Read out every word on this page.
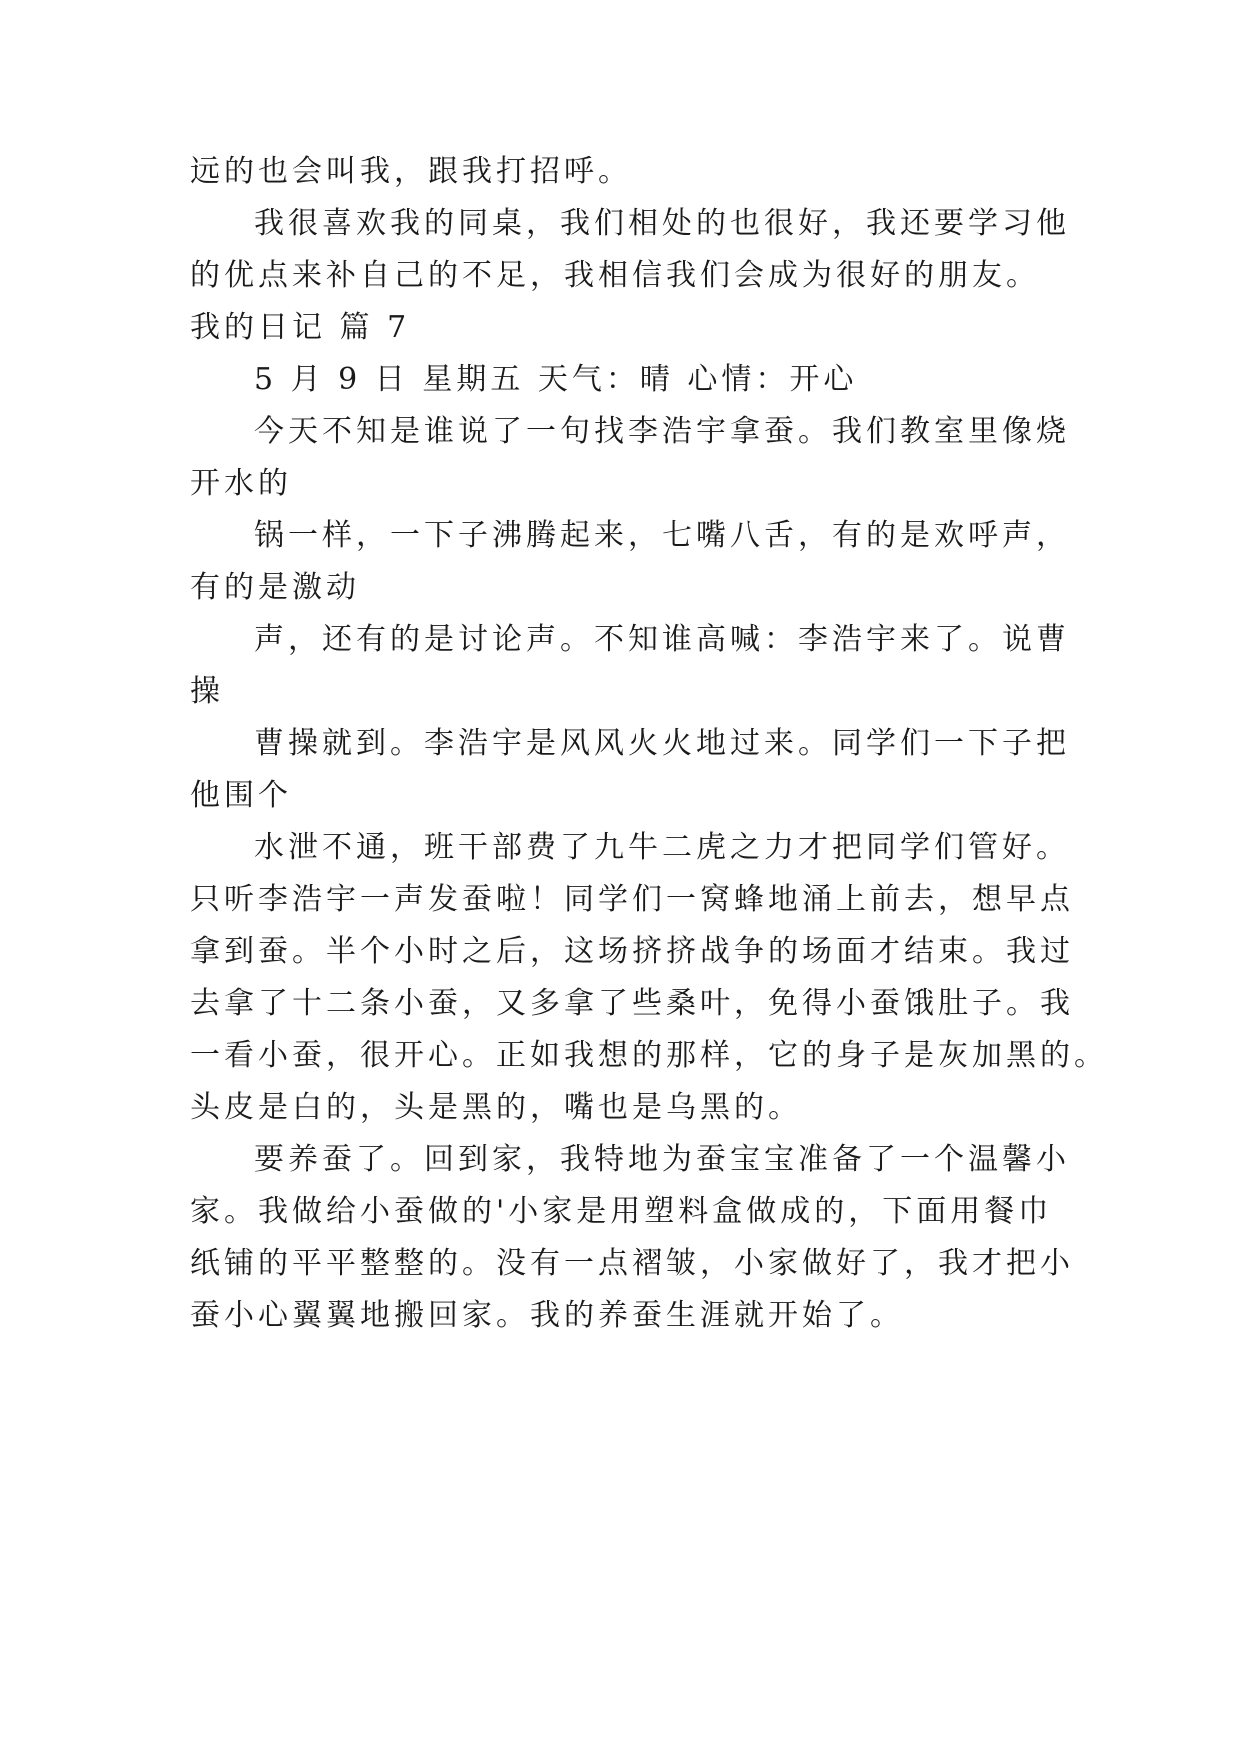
远的也会叫我，跟我打招呼。
我很喜欢我的同桌，我们相处的也很好，我还要学习他
的优点来补自己的不足，我相信我们会成为很好的朋友。
我的日记 篇 7
5 月 9 日 星期五 天气：晴 心情：开心
今天不知是谁说了一句找李浩宇拿蚕。我们教室里像烧
开水的
锅一样，一下子沸腾起来，七嘴八舌，有的是欢呼声，
有的是激动
声，还有的是讨论声。不知谁高喊：李浩宇来了。说曹
操
曹操就到。李浩宇是风风火火地过来。同学们一下子把
他围个
水泄不通，班干部费了九牛二虎之力才把同学们管好。
只听李浩宇一声发蚕啦！同学们一窝蜂地涌上前去，想早点
拿到蚕。半个小时之后，这场挤挤战争的场面才结束。我过
去拿了十二条小蚕，又多拿了些桑叶，免得小蚕饿肚子。我
一看小蚕，很开心。正如我想的那样，它的身子是灰加黑的。
头皮是白的，头是黑的，嘴也是乌黑的。
要养蚕了。回到家，我特地为蚕宝宝准备了一个温馨小
家。我做给小蚕做的'小家是用塑料盒做成的，下面用餐巾
纸铺的平平整整的。没有一点褶皱，小家做好了，我才把小
蚕小心翼翼地搬回家。我的养蚕生涯就开始了。
